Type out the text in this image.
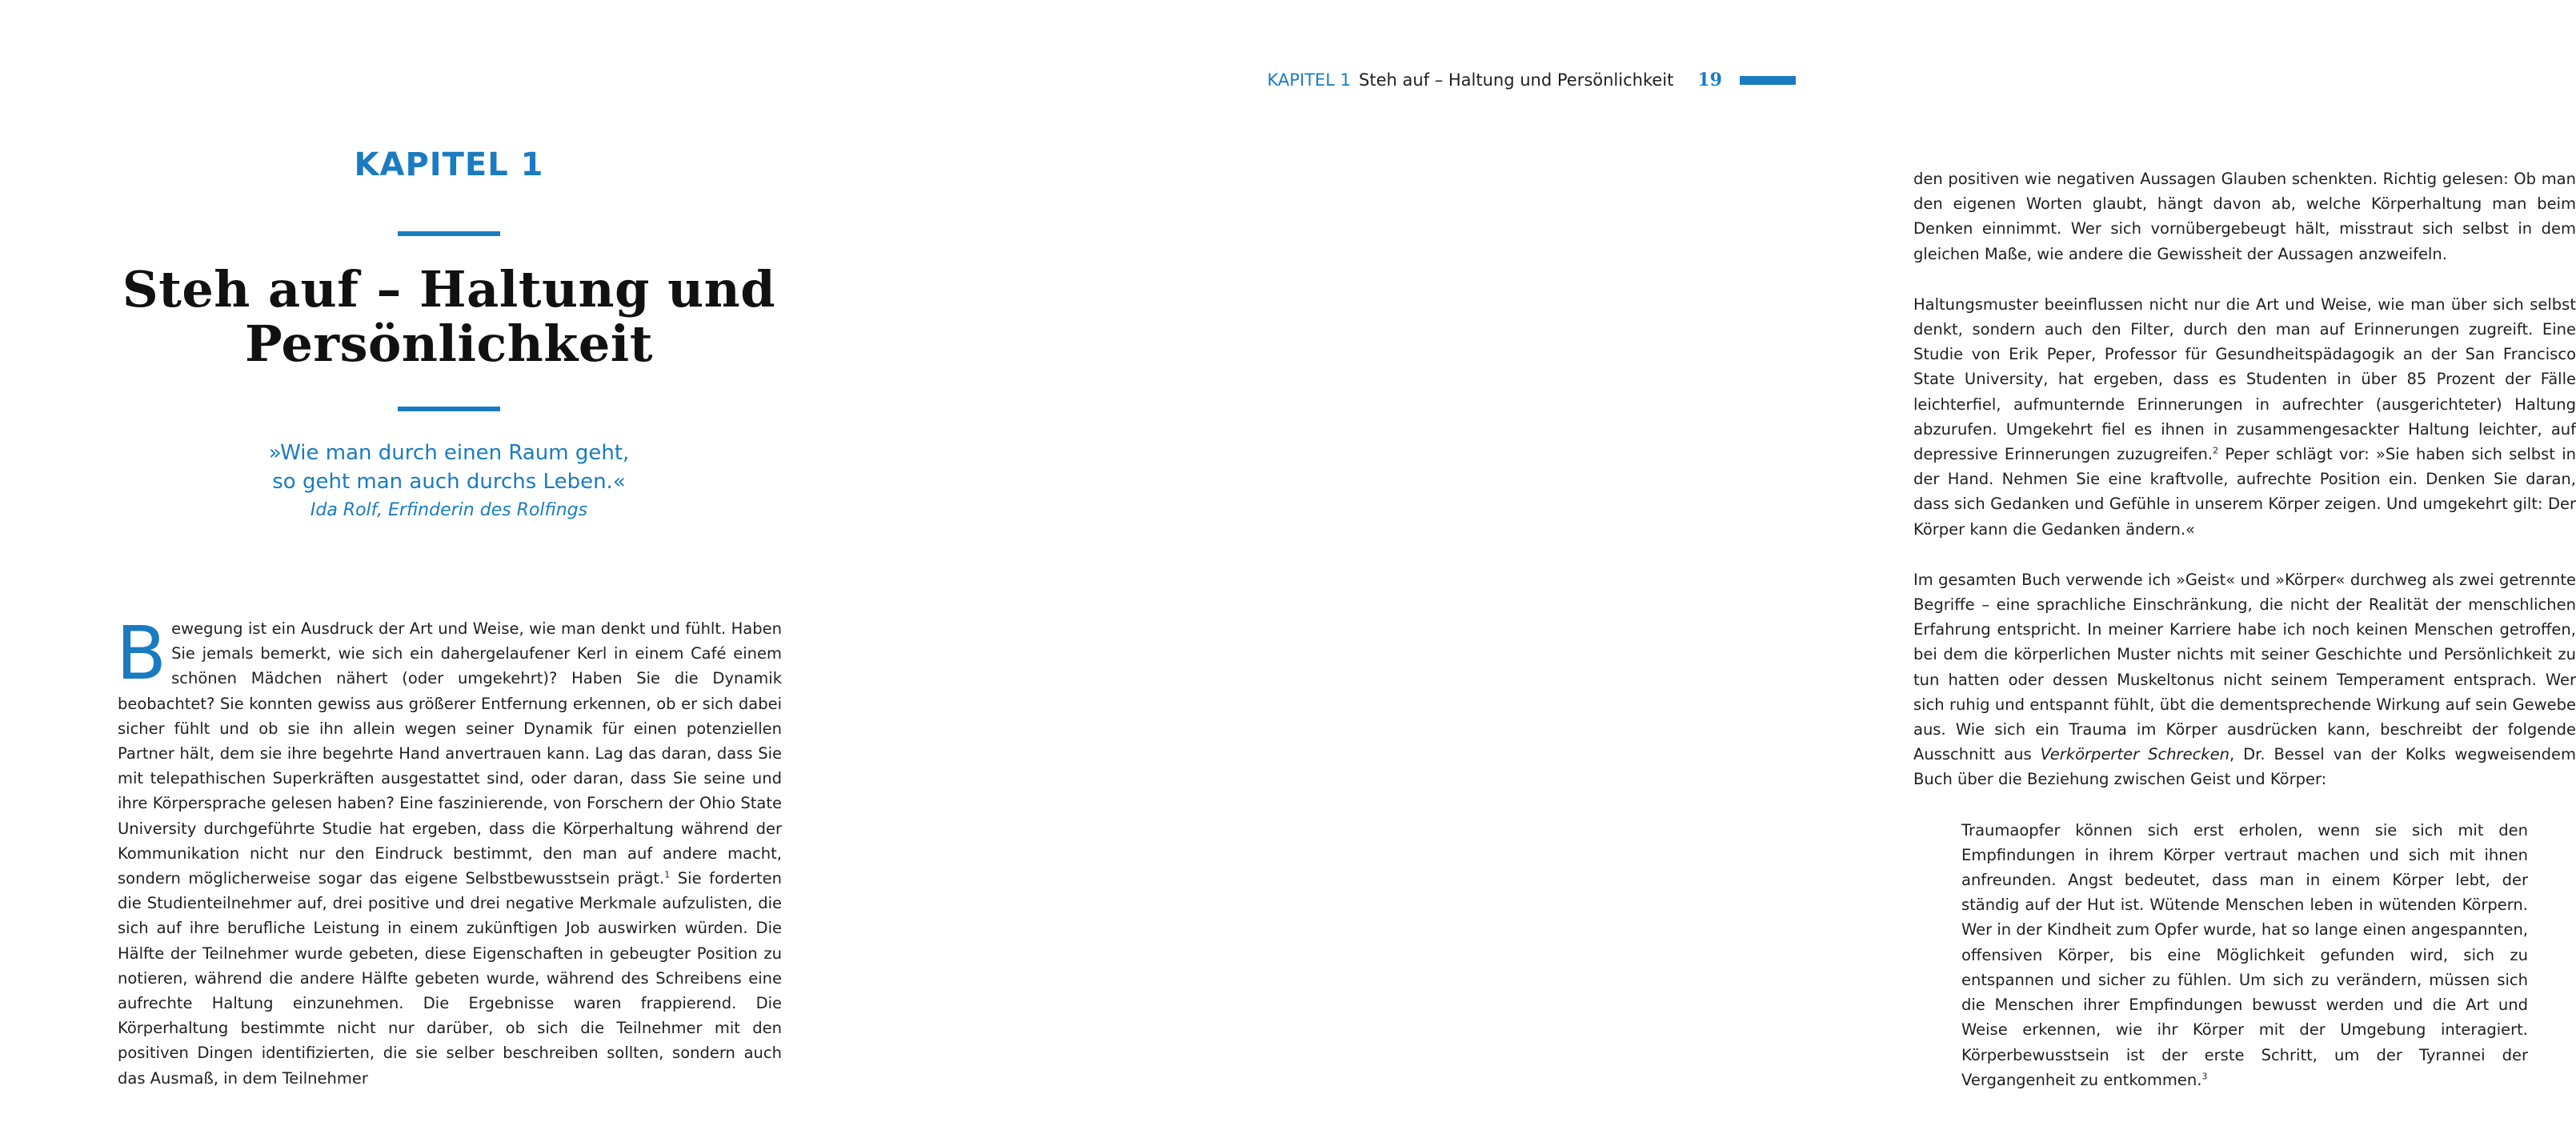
KAPITEL 1
Steh auf – Haltung und
Persönlichkeit
»Wie man durch einen Raum geht,
so geht man auch durchs Leben.«
Ida Rolf, Erfinderin des Rolfings

Bewegung ist ein Ausdruck der Art und Weise, wie man denkt und fühlt. Haben Sie jemals bemerkt, wie sich ein dahergelaufener Kerl in einem Café einem schönen Mädchen nähert (oder umgekehrt)? Haben Sie die Dynamik beobachtet? Sie konnten gewiss aus größerer Entfernung erkennen, ob er sich dabei sicher fühlt und ob sie ihn allein wegen seiner Dynamik für einen potenziellen Partner hält, dem sie ihre begehrte Hand anvertrauen kann. Lag das daran, dass Sie mit telepathischen Superkräften ausgestattet sind, oder daran, dass Sie seine und ihre Körpersprache gelesen haben? Eine faszinierende, von Forschern der Ohio State University durchgeführte Studie hat ergeben, dass die Körperhaltung während der Kommunikation nicht nur den Eindruck bestimmt, den man auf andere macht, sondern möglicherweise sogar das eigene Selbstbewusstsein prägt.$^1$ Sie forderten die Studienteilnehmer auf, drei positive und drei negative Merkmale aufzulisten, die sich auf ihre berufliche Leistung in einem zukünftigen Job auswirken würden. Die Hälfte der Teilnehmer wurde gebeten, diese Eigenschaften in gebeugter Position zu notieren, während die andere Hälfte gebeten wurde, während des Schreibens eine aufrechte Haltung einzunehmen. Die Ergebnisse waren frappierend. Die Körperhaltung bestimmte nicht nur darüber, ob sich die Teilnehmer mit den positiven Dingen identifizierten, die sie selber beschreiben sollten, sondern auch das Ausmaß, in dem Teilnehmer

KAPITEL 1 Steh auf – Haltung und Persönlichkeit 19

den positiven wie negativen Aussagen Glauben schenkten. Richtig gelesen: Ob man den eigenen Worten glaubt, hängt davon ab, welche Körperhaltung man beim Denken einnimmt. Wer sich vornübergebeugt hält, misstraut sich selbst in dem gleichen Maße, wie andere die Gewissheit der Aussagen anzweifeln.

Haltungsmuster beeinflussen nicht nur die Art und Weise, wie man über sich selbst denkt, sondern auch den Filter, durch den man auf Erinnerungen zugreift. Eine Studie von Erik Peper, Professor für Gesundheitspädagogik an der San Francisco State University, hat ergeben, dass es Studenten in über 85 Prozent der Fälle leichterfiel, aufmunternde Erinnerungen in aufrechter (ausgerichteter) Haltung abzurufen. Umgekehrt fiel es ihnen in zusammengesackter Haltung leichter, auf depressive Erinnerungen zuzugreifen.$^2$ Peper schlägt vor: »Sie haben sich selbst in der Hand. Nehmen Sie eine kraftvolle, aufrechte Position ein. Denken Sie daran, dass sich Gedanken und Gefühle in unserem Körper zeigen. Und umgekehrt gilt: Der Körper kann die Gedanken ändern.«

Im gesamten Buch verwende ich »Geist« und »Körper« durchweg als zwei getrennte Begriffe – eine sprachliche Einschränkung, die nicht der Realität der menschlichen Erfahrung entspricht. In meiner Karriere habe ich noch keinen Menschen getroffen, bei dem die körperlichen Muster nichts mit seiner Geschichte und Persönlichkeit zu tun hatten oder dessen Muskeltonus nicht seinem Temperament entsprach. Wer sich ruhig und entspannt fühlt, übt die dementsprechende Wirkung auf sein Gewebe aus. Wie sich ein Trauma im Körper ausdrücken kann, beschreibt der folgende Ausschnitt aus Verkörperter Schrecken, Dr. Bessel van der Kolks wegweisendem Buch über die Beziehung zwischen Geist und Körper:

Traumaopfer können sich erst erholen, wenn sie sich mit den Empfindungen in ihrem Körper vertraut machen und sich mit ihnen anfreunden. Angst bedeutet, dass man in einem Körper lebt, der ständig auf der Hut ist. Wütende Menschen leben in wütenden Körpern. Wer in der Kindheit zum Opfer wurde, hat so lange einen angespannten, offensiven Körper, bis eine Möglichkeit gefunden wird, sich zu entspannen und sicher zu fühlen. Um sich zu verändern, müssen sich die Menschen ihrer Empfindungen bewusst werden und die Art und Weise erkennen, wie ihr Körper mit der Umgebung interagiert. Körperbewusstsein ist der erste Schritt, um der Tyrannei der Vergangenheit zu entkommen.$^3$
